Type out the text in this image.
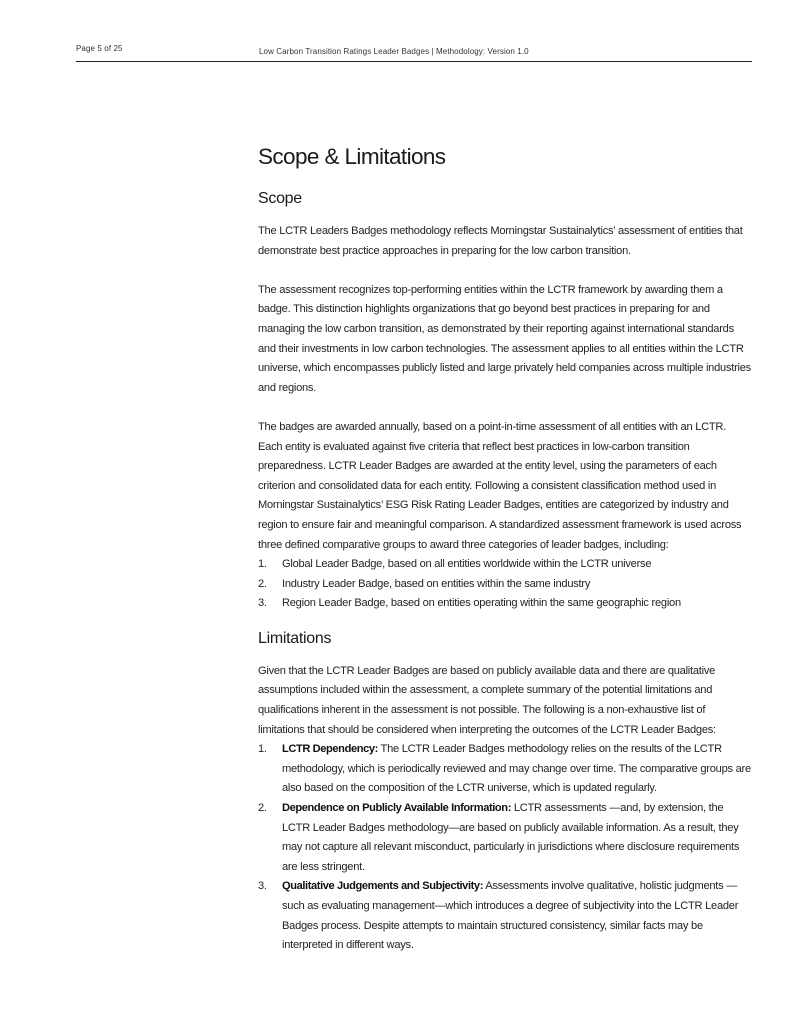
Page 5 of 25	Low Carbon Transition Ratings Leader Badges | Methodology: Version 1.0
Scope & Limitations
Scope

The LCTR Leaders Badges methodology reflects Morningstar Sustainalytics’ assessment of entities that demonstrate best practice approaches in preparing for the low carbon transition.

The assessment recognizes top-performing entities within the LCTR framework by awarding them a badge. This distinction highlights organizations that go beyond best practices in preparing for and managing the low carbon transition, as demonstrated by their reporting against international standards and their investments in low carbon technologies. The assessment applies to all entities within the LCTR universe, which encompasses publicly listed and large privately held companies across multiple industries and regions.

The badges are awarded annually, based on a point-in-time assessment of all entities with an LCTR. Each entity is evaluated against five criteria that reflect best practices in low-carbon transition preparedness. LCTR Leader Badges are awarded at the entity level, using the parameters of each criterion and consolidated data for each entity. Following a consistent classification method used in Morningstar Sustainalytics’ ESG Risk Rating Leader Badges, entities are categorized by industry and region to ensure fair and meaningful comparison. A standardized assessment framework is used across three defined comparative groups to award three categories of leader badges, including:

1. Global Leader Badge, based on all entities worldwide within the LCTR universe
2. Industry Leader Badge, based on entities within the same industry
3. Region Leader Badge, based on entities operating within the same geographic region
Limitations

Given that the LCTR Leader Badges are based on publicly available data and there are qualitative assumptions included within the assessment, a complete summary of the potential limitations and qualifications inherent in the assessment is not possible. The following is a non-exhaustive list of limitations that should be considered when interpreting the outcomes of the LCTR Leader Badges:

1. LCTR Dependency: The LCTR Leader Badges methodology relies on the results of the LCTR methodology, which is periodically reviewed and may change over time. The comparative groups are also based on the composition of the LCTR universe, which is updated regularly.
2. Dependence on Publicly Available Information: LCTR assessments —and, by extension, the LCTR Leader Badges methodology—are based on publicly available information. As a result, they may not capture all relevant misconduct, particularly in jurisdictions where disclosure requirements are less stringent.
3. Qualitative Judgements and Subjectivity: Assessments involve qualitative, holistic judgments — such as evaluating management—which introduces a degree of subjectivity into the LCTR Leader Badges process. Despite attempts to maintain structured consistency, similar facts may be interpreted in different ways.
